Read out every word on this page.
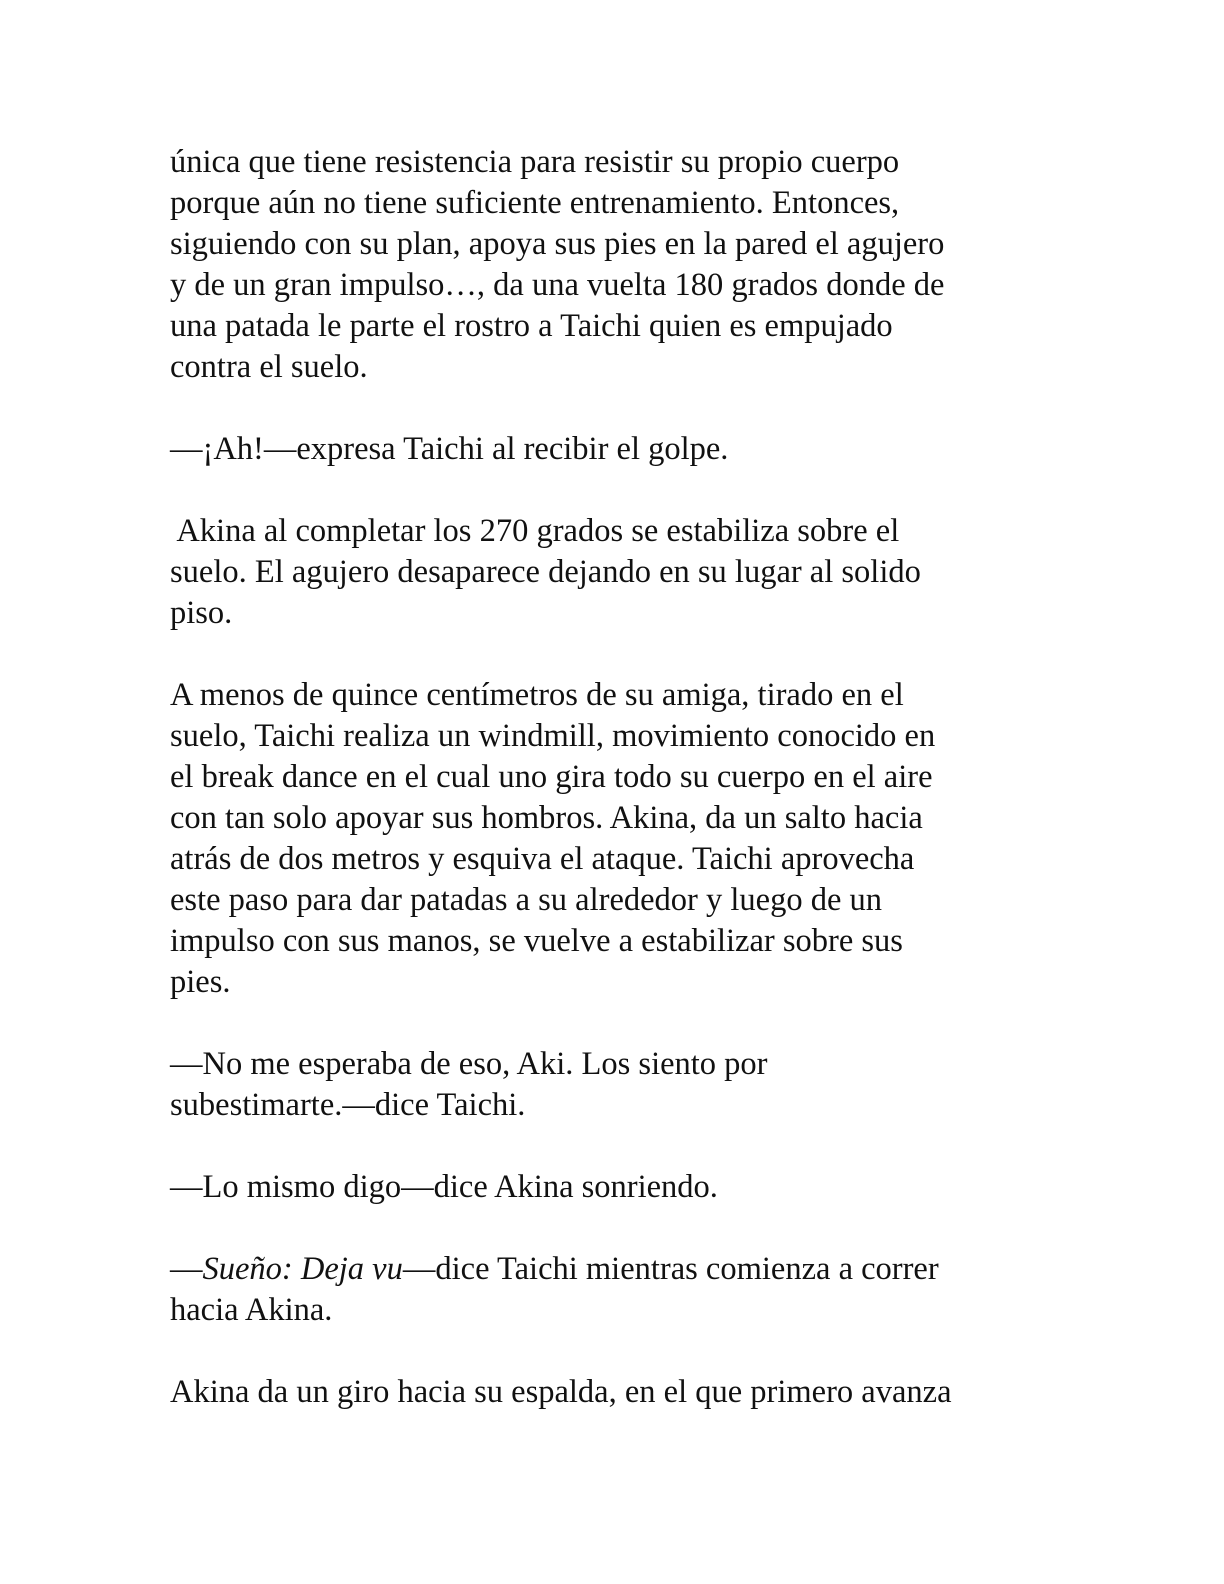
única que tiene resistencia para resistir su propio cuerpo
porque aún no tiene suficiente entrenamiento. Entonces,
siguiendo con su plan, apoya sus pies en la pared el agujero
y de un gran impulso…, da una vuelta 180 grados donde de
una patada le parte el rostro a Taichi quien es empujado
contra el suelo.

—¡Ah!—expresa Taichi al recibir el golpe.

Akina al completar los 270 grados se estabiliza sobre el
suelo. El agujero desaparece dejando en su lugar al solido
piso.

A menos de quince centímetros de su amiga, tirado en el
suelo, Taichi realiza un windmill, movimiento conocido en
el break dance en el cual uno gira todo su cuerpo en el aire
con tan solo apoyar sus hombros. Akina, da un salto hacia
atrás de dos metros y esquiva el ataque. Taichi aprovecha
este paso para dar patadas a su alrededor y luego de un
impulso con sus manos, se vuelve a estabilizar sobre sus
pies.

—No me esperaba de eso, Aki. Los siento por
subestimarte.—dice Taichi.

—Lo mismo digo—dice Akina sonriendo.

—Sueño: Deja vu—dice Taichi mientras comienza a correr
hacia Akina.

Akina da un giro hacia su espalda, en el que primero avanza
